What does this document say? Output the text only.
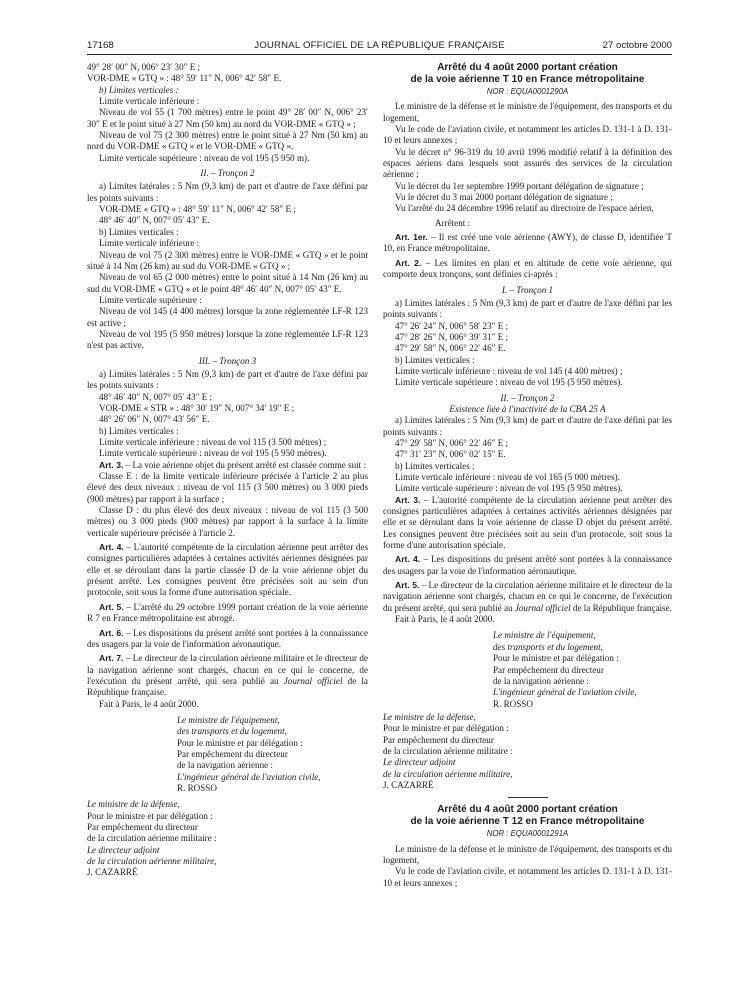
17168	JOURNAL OFFICIEL DE LA RÉPUBLIQUE FRANÇAISE	27 octobre 2000

49° 28′ 00″ N, 006° 23′ 30″ E ;

VOR-DME « GTQ » : 48° 59′ 11″ N, 006° 42′ 58″ E.

b) Limites verticales :

Limite verticale inférieure :

Niveau de vol 55 (1 700 mètres) entre le point 49° 28′ 00″ N, 006° 23′ 30″ E et le point situé à 27 Nm (50 km) au nord du VOR-DME « GTQ » ;

Niveau de vol 75 (2 300 mètres) entre le point situé à 27 Nm (50 km) au nord du VOR-DME « GTQ » et le VOR-DME « GTQ ».

Limite verticale supérieure : niveau de vol 195 (5 950 m).

II. – Tronçon 2

a) Limites latérales : 5 Nm (9,3 km) de part et d'autre de l'axe défini par les points suivants :

VOR-DME « GTQ » : 48° 59′ 11″ N, 006° 42′ 58″ E ;

48° 46′ 40″ N, 007° 05′ 43″ E.

b) Limites verticales :

Limite verticale inférieure :

Niveau de vol 75 (2 300 mètres) entre le VOR-DME « GTQ » et le point situé à 14 Nm (26 km) au sud du VOR-DME « GTQ » ;

Niveau de vol 65 (2 000 mètres) entre le point situé à 14 Nm (26 km) au sud du VOR-DME « GTQ » et le point 48° 46′ 40″ N, 007° 05′ 43″ E.

Limite verticale supérieure :

Niveau de vol 145 (4 400 mètres) lorsque la zone réglementée LF-R 123 est active ;

Niveau de vol 195 (5 950 mètres) lorsque la zone réglementée LF-R 123 n'est pas active.

III. – Tronçon 3

a) Limites latérales : 5 Nm (9,3 km) de part et d'autre de l'axe défini par les points suivants :

48° 46′ 40″ N, 007° 05′ 43″ E ;

VOR-DME « STR » : 48° 30′ 19″ N, 007° 34′ 19″ E ;

48° 26′ 06″ N, 007° 43′ 56″ E.

b) Limites verticales :

Limite verticale inférieure : niveau de vol 115 (3 500 mètres) ;

Limite verticale supérieure : niveau de vol 195 (5 950 mètres).

Art. 3. – La voie aérienne objet du présent arrêté est classée comme suit :

Classe E : de la limite verticale inférieure précisée à l'article 2 au plus élevé des deux niveaux : niveau de vol 115 (3 500 mètres) ou 3 000 pieds (900 mètres) par rapport à la surface ;

Classe D : du plus élevé des deux niveaux : niveau de vol 115 (3 500 mètres) ou 3 000 pieds (900 mètres) par rapport à la surface à la limite verticale supérieure précisée à l'article 2.

Art. 4. – L'autorité compétente de la circulation aérienne peut arrêter des consignes particulières adaptées à certaines activités aériennes désignées par elle et se déroulant dans la partie classée D de la voie aérienne objet du présent arrêté. Les consignes peuvent être précisées soit au sein d'un protocole, soit sous la forme d'une autorisation spéciale.

Art. 5. – L'arrêté du 29 octobre 1999 portant création de la voie aérienne R 7 en France métropolitaine est abrogé.

Art. 6. – Les dispositions du présent arrêté sont portées à la connaissance des usagers par la voie de l'information aéronautique.

Art. 7. – Le directeur de la circulation aérienne militaire et le directeur de la navigation aérienne sont chargés, chacun en ce qui le concerne, de l'exécution du présent arrêté, qui sera publié au Journal officiel de la République française.

Fait à Paris, le 4 août 2000.

Le ministre de l'équipement,

des transports et du logement,

Pour le ministre et par délégation :

Par empêchement du directeur

de la navigation aérienne :

L'ingénieur général de l'aviation civile,

R. ROSSO

Le ministre de la défense,

Pour le ministre et par délégation :

Par empêchement du directeur

de la circulation aérienne militaire :

Le directeur adjoint

de la circulation aérienne militaire,

J. CAZARRÉ

Arrêté du 4 août 2000 portant création
de la voie aérienne T 10 en France métropolitaine
NOR : EQUA0001290A

Le ministre de la défense et le ministre de l'équipement, des transports et du logement,

Vu le code de l'aviation civile, et notamment les articles D. 131-1 à D. 131-10 et leurs annexes ;

Vu le décret n° 96-319 du 10 avril 1996 modifié relatif à la définition des espaces aériens dans lesquels sont assurés des services de la circulation aérienne ;

Vu le décret du 1er septembre 1999 portant délégation de signature ;

Vu le décret du 3 mai 2000 portant délégation de signature ;

Vu l'arrêté du 24 décembre 1996 relatif au directoire de l'espace aérien,

Arrêtent :

Art. 1er. – Il est créé une voie aérienne (AWY), de classe D, identifiée T 10, en France métropolitaine.

Art. 2. – Les limites en plan et en altitude de cette voie aérienne, qui comporte deux tronçons, sont définies ci-après :

I. – Tronçon 1

a) Limites latérales : 5 Nm (9,3 km) de part et d'autre de l'axe défini par les points suivants :

47° 26′ 24″ N, 006° 58′ 23″ E ;

47° 28′ 26″ N, 006° 39′ 31″ E ;

47° 29′ 58″ N, 006° 22′ 46″ E.

b) Limites verticales :

Limite verticale inférieure : niveau de vol 145 (4 400 mètres) ;

Limite verticale supérieure : niveau de vol 195 (5 950 mètres).

II. – Tronçon 2

Existence liée à l'inactivité de la CBA 25 A

a) Limites latérales : 5 Nm (9,3 km) de part et d'autre de l'axe défini par les points suivants :

47° 29′ 58″ N, 006° 22′ 46″ E ;

47° 31′ 23″ N, 006° 02′ 15″ E.

b) Limites verticales :

Limite verticale inférieure : niveau de vol 165 (5 000 mètres).

Limite verticale supérieure : niveau de vol 195 (5 950 mètres).

Art. 3. – L'autorité compétente de la circulation aérienne peut arrêter des consignes particulières adaptées à certaines activités aériennes désignées par elle et se déroulant dans la voie aérienne de classe D objet du présent arrêté. Les consignes peuvent être précisées soit au sein d'un protocole, soit sous la forme d'une autorisation spéciale.

Art. 4. – Les dispositions du présent arrêté sont portées à la connaissance des usagers par la voie de l'information aéronautique.

Art. 5. – Le directeur de la circulation aérienne militaire et le directeur de la navigation aérienne sont chargés, chacun en ce qui le concerne, de l'exécution du présent arrêté, qui sera publié au Journal officiel de la République française.

Fait à Paris, le 4 août 2000.

Le ministre de l'équipement,

des transports et du logement,

Pour le ministre et par délégation :

Par empêchement du directeur

de la navigation aérienne :

L'ingénieur général de l'aviation civile,

R. ROSSO

Le ministre de la défense,

Pour le ministre et par délégation :

Par empêchement du directeur

de la circulation aérienne militaire :

Le directeur adjoint

de la circulation aérienne militaire,

J. CAZARRÉ

Arrêté du 4 août 2000 portant création
de la voie aérienne T 12 en France métropolitaine
NOR : EQUA0001291A

Le ministre de la défense et le ministre de l'équipement, des transports et du logement,

Vu le code de l'aviation civile, et notamment les articles D. 131-1 à D. 131-10 et leurs annexes ;
